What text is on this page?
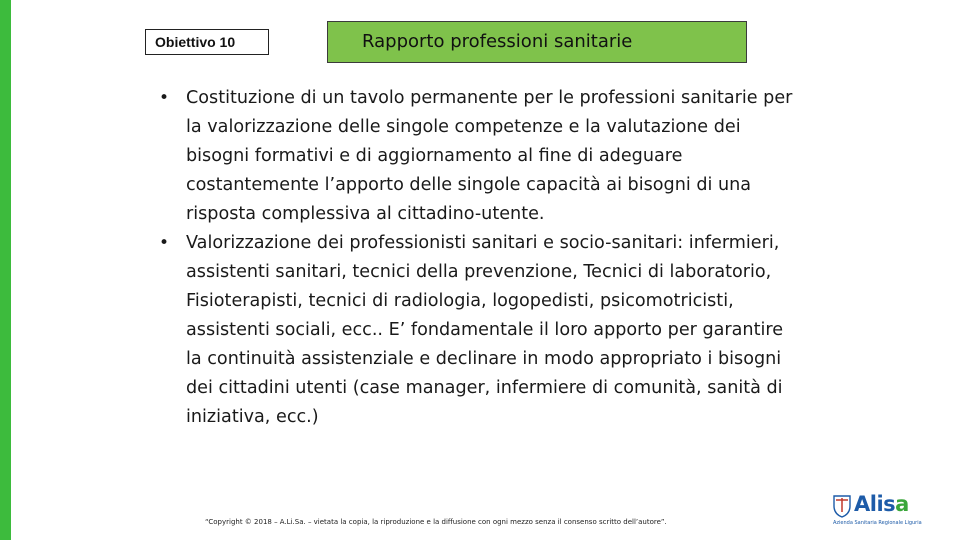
Obiettivo 10	Rapporto professioni sanitarie
• Costituzione di un tavolo permanente per le professioni sanitarie per la valorizzazione delle singole competenze e la valutazione dei bisogni formativi e di aggiornamento al fine di adeguare costantemente l’apporto delle singole capacità ai bisogni di una risposta complessiva al cittadino-utente.
• Valorizzazione dei professionisti sanitari e socio-sanitari: infermieri, assistenti sanitari, tecnici della prevenzione, Tecnici di laboratorio, Fisioterapisti, tecnici di radiologia, logopedisti, psicomotricisti, assistenti sociali, ecc.. E’ fondamentale il loro apporto per garantire la continuità assistenziale e declinare in modo appropriato i bisogni dei cittadini utenti (case manager, infermiere di comunità, sanità di iniziativa, ecc.)
“Copyright © 2018 – A.Li.Sa. – vietata la copia, la riproduzione e la diffusione con ogni mezzo senza il consenso scritto dell’autore”.
Alisa
Azienda Sanitaria Regionale Liguria
